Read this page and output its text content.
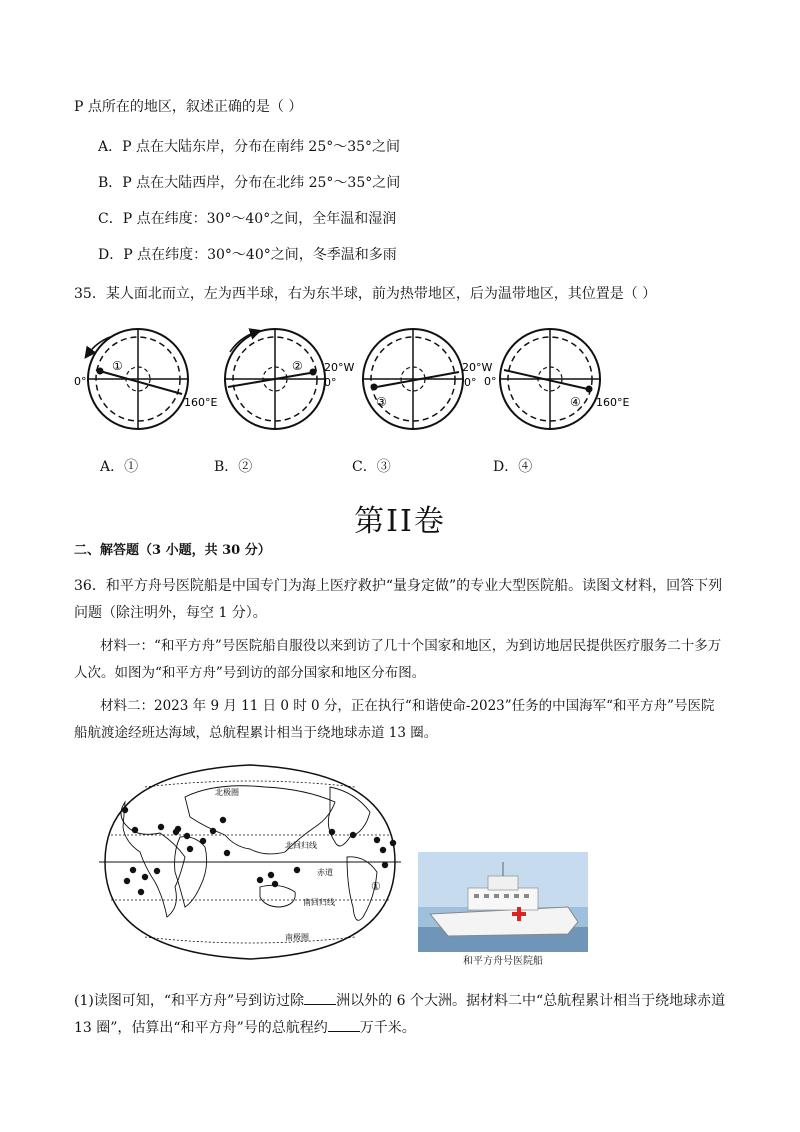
P 点所在的地区，叙述正确的是（ ）
A．P 点在大陆东岸，分布在南纬 25°～35°之间
B．P 点在大陆西岸，分布在北纬 25°～35°之间
C．P 点在纬度：30°～40°之间，全年温和湿润
D．P 点在纬度：30°～40°之间，冬季温和多雨
35．某人面北而立，左为西半球，右为东半球，前为热带地区，后为温带地区，其位置是（ ）
①
0°
160°E
② 20°W
0°
③
20°W
0°
④
0°
160°E
A．①	B．②	C．③	D．④
第II卷
二、解答题（3 小题，共 30 分）
36．和平方舟号医院船是中国专门为海上医疗救护“量身定做”的专业大型医院船。读图文材料，回答下列问题（除注明外，每空 1 分）。
材料一：“和平方舟”号医院船自服役以来到访了几十个国家和地区，为到访地居民提供医疗服务二十多万人次。如图为“和平方舟”号到访的部分国家和地区分布图。
材料二：2023 年 9 月 11 日 0 时 0 分，正在执行“和谐使命-2023”任务的中国海军“和平方舟”号医院船航渡途经班达海域，总航程累计相当于绕地球赤道 13 圈。
北极圈
北回归线
赤道
南回归线
南极圈
①
和平方舟号医院船
(1)读图可知，“和平方舟”号到访过除 洲以外的 6 个大洲。据材料二中“总航程累计相当于绕地球赤道 13 圈”，估算出“和平方舟”号的总航程约 万千米。
